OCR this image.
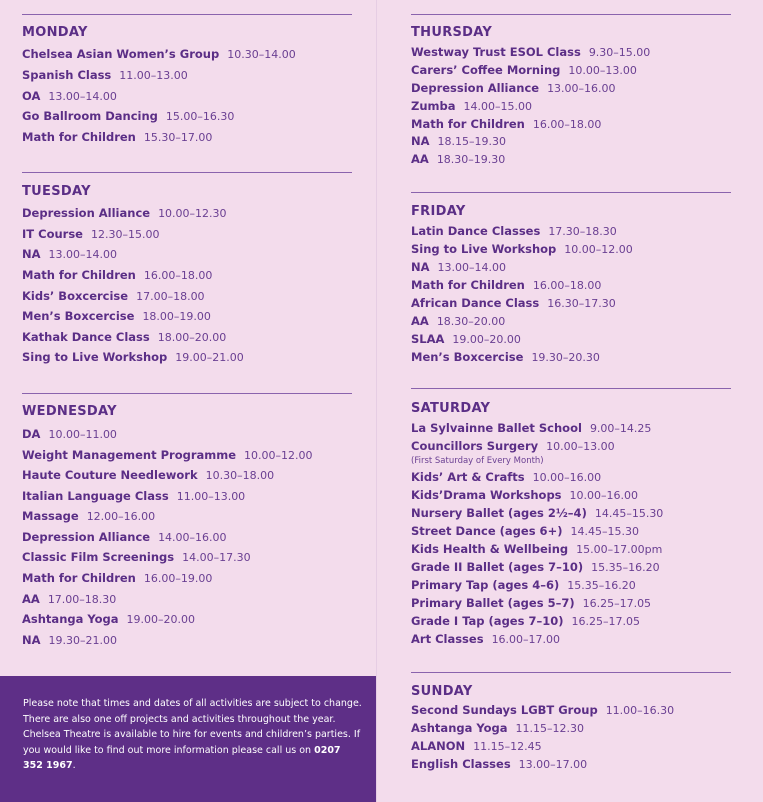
MONDAY
Chelsea Asian Women’s Group 10.30–14.00
Spanish Class 11.00–13.00
OA 13.00–14.00
Go Ballroom Dancing 15.00–16.30
Math for Children 15.30–17.00
TUESDAY
Depression Alliance 10.00–12.30
IT Course 12.30–15.00
NA 13.00–14.00
Math for Children 16.00–18.00
Kids’ Boxcercise 17.00–18.00
Men’s Boxcercise 18.00–19.00
Kathak Dance Class 18.00–20.00
Sing to Live Workshop 19.00–21.00
WEDNESDAY
DA 10.00–11.00
Weight Management Programme 10.00–12.00
Haute Couture Needlework 10.30–18.00
Italian Language Class 11.00–13.00
Massage 12.00–16.00
Depression Alliance 14.00–16.00
Classic Film Screenings 14.00–17.30
Math for Children 16.00–19.00
AA 17.00–18.30
Ashtanga Yoga 19.00–20.00
NA 19.30–21.00
Please note that times and dates of all activities are subject to change. There are also one off projects and activities throughout the year. Chelsea Theatre is available to hire for events and children’s parties. If you would like to find out more information please call us on 0207 352 1967.
THURSDAY
Westway Trust ESOL Class 9.30–15.00
Carers’ Coffee Morning 10.00–13.00
Depression Alliance 13.00–16.00
Zumba 14.00–15.00
Math for Children 16.00–18.00
NA 18.15–19.30
AA 18.30–19.30
FRIDAY
Latin Dance Classes 17.30–18.30
Sing to Live Workshop 10.00–12.00
NA 13.00–14.00
Math for Children 16.00–18.00
African Dance Class 16.30–17.30
AA 18.30–20.00
SLAA 19.00–20.00
Men’s Boxcercise 19.30–20.30
SATURDAY
La Sylvainne Ballet School 9.00–14.25
Councillors Surgery 10.00–13.00
(First Saturday of Every Month)
Kids’ Art & Crafts 10.00–16.00
Kids’Drama Workshops 10.00–16.00
Nursery Ballet (ages 2½–4) 14.45–15.30
Street Dance (ages 6+) 14.45–15.30
Kids Health & Wellbeing 15.00–17.00pm
Grade II Ballet (ages 7–10) 15.35–16.20
Primary Tap (ages 4–6) 15.35–16.20
Primary Ballet (ages 5–7) 16.25–17.05
Grade I Tap (ages 7–10) 16.25–17.05
Art Classes 16.00–17.00
SUNDAY
Second Sundays LGBT Group 11.00–16.30
Ashtanga Yoga 11.15–12.30
ALANON 11.15–12.45
English Classes 13.00–17.00
